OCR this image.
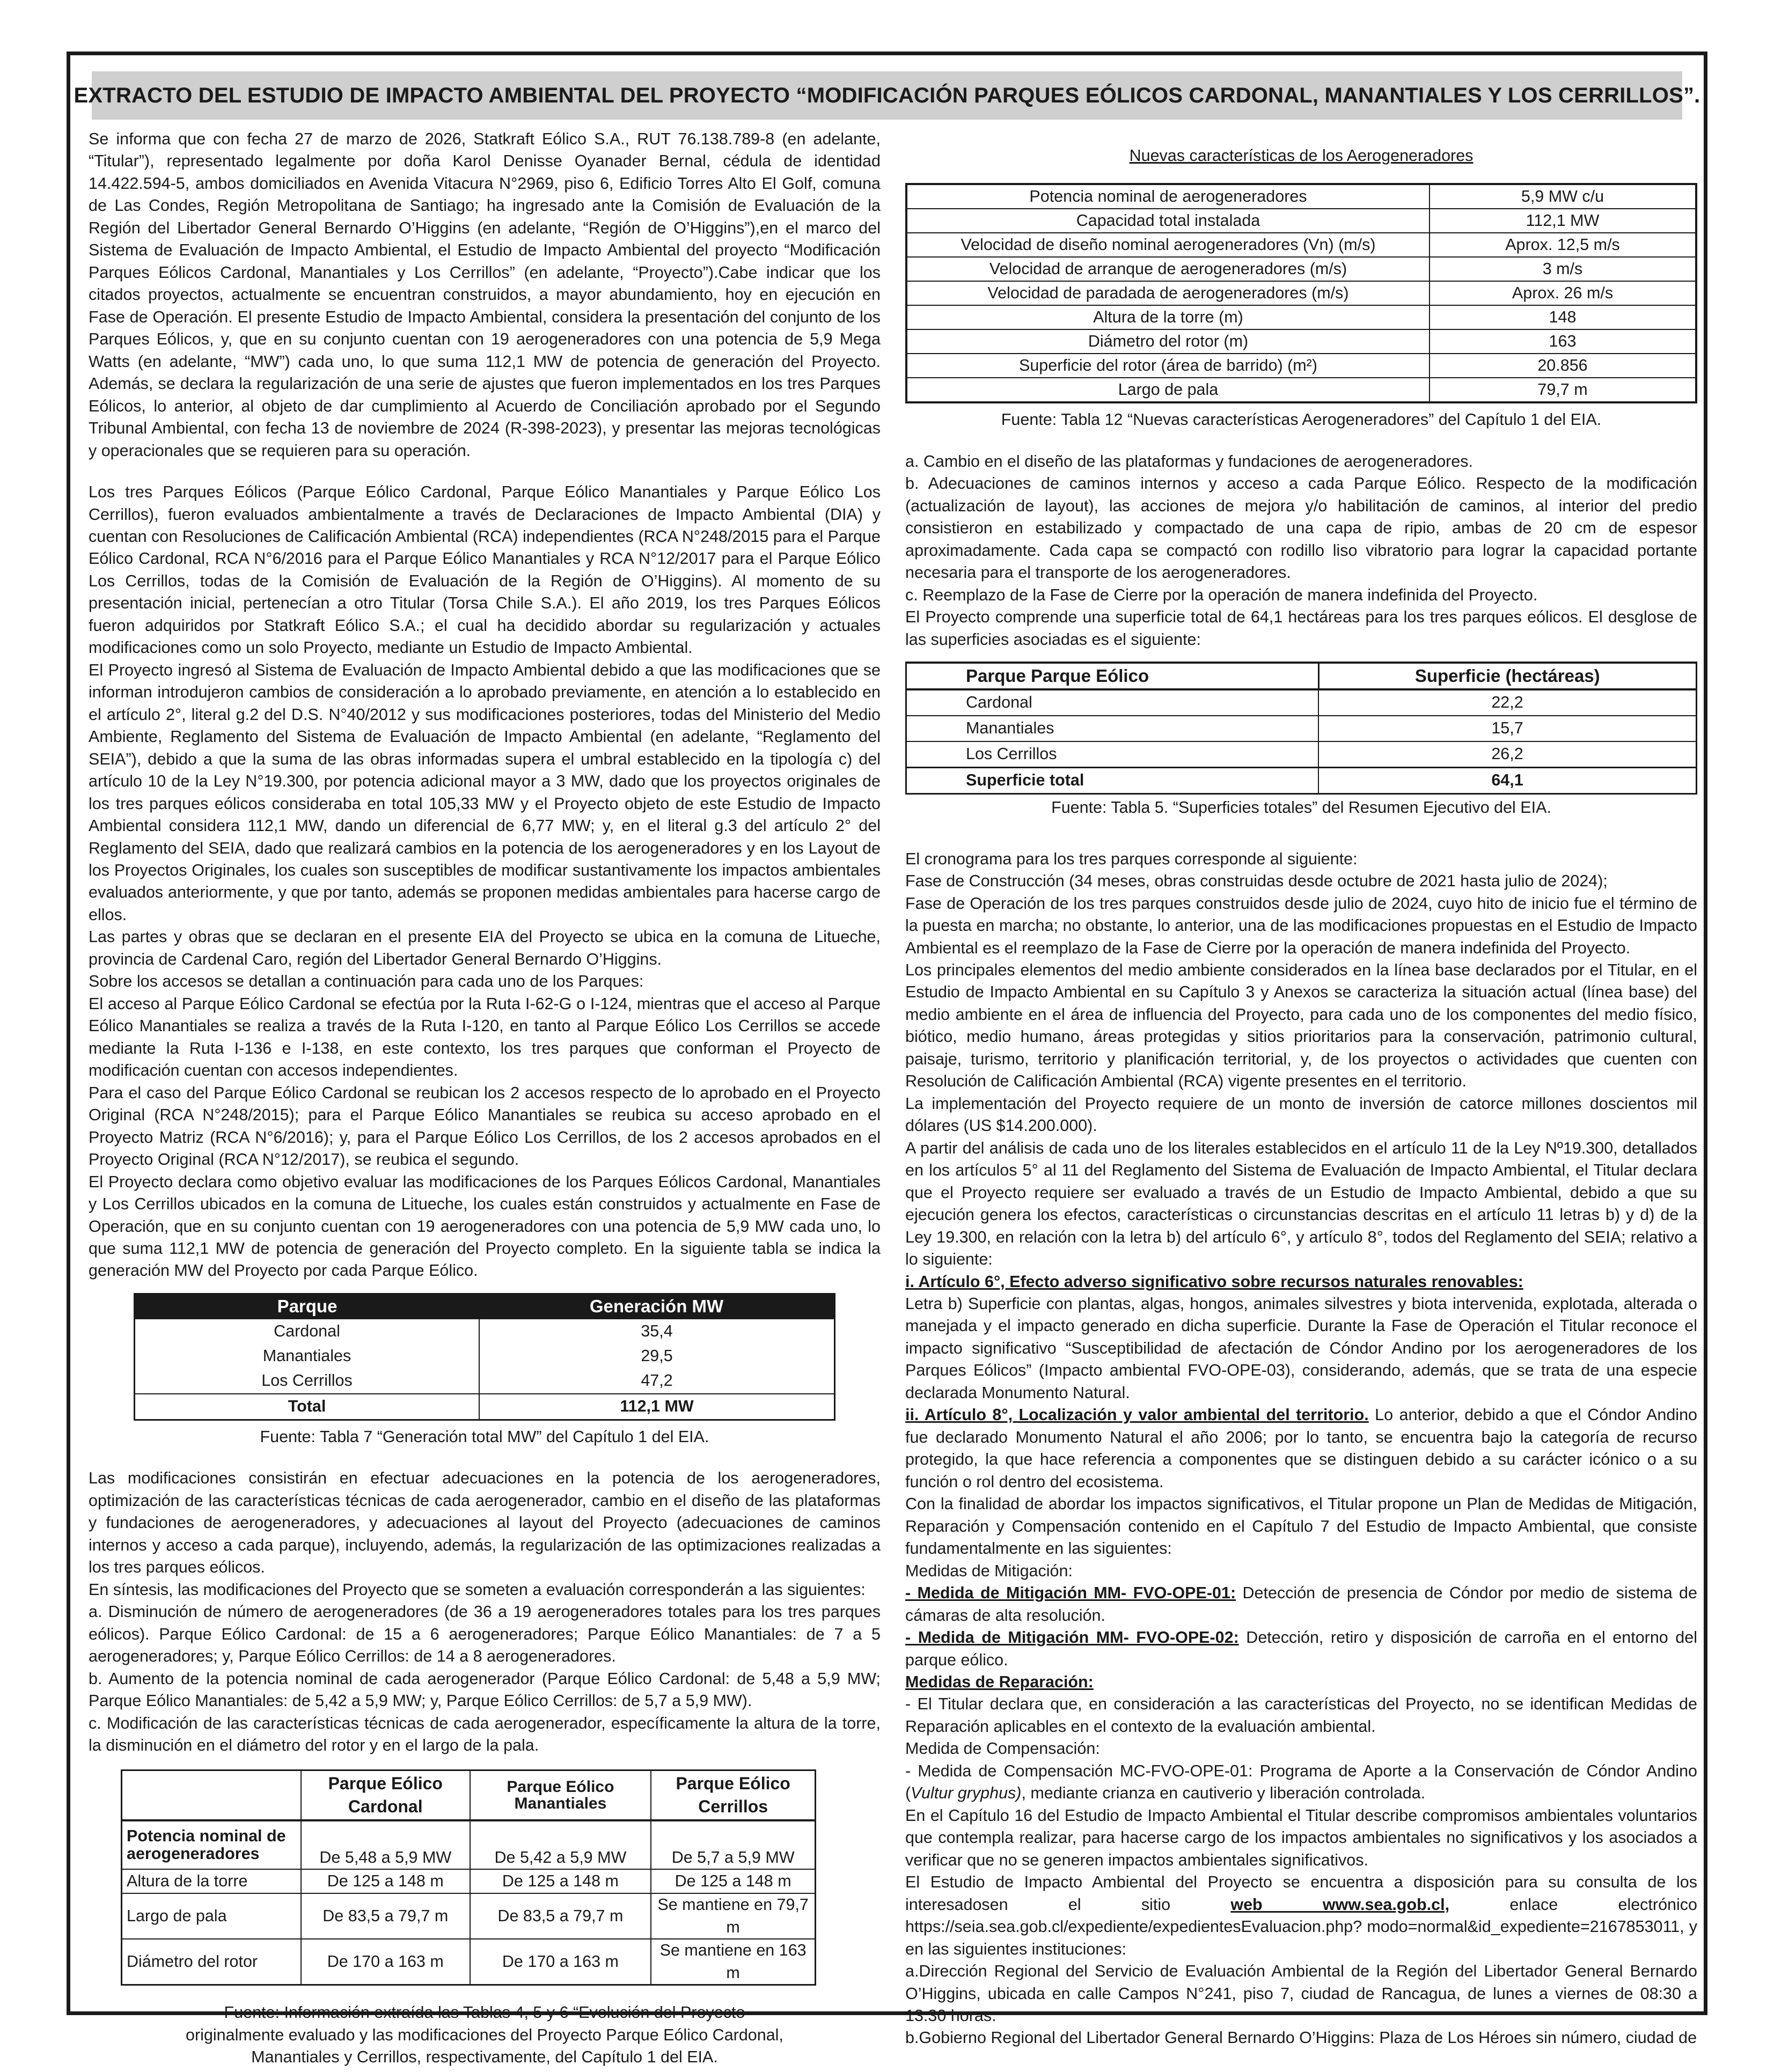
EXTRACTO DEL ESTUDIO DE IMPACTO AMBIENTAL DEL PROYECTO “MODIFICACIÓN PARQUES EÓLICOS CARDONAL, MANANTIALES Y LOS CERRILLOS”.

Se informa que con fecha 27 de marzo de 2026, Statkraft Eólico S.A., RUT 76.138.789-8 (en adelante, “Titular”), representado legalmente por doña Karol Denisse Oyanader Bernal, cédula de identidad 14.422.594-5, ambos domiciliados en Avenida Vitacura N°2969, piso 6, Edificio Torres Alto El Golf, comuna de Las Condes, Región Metropolitana de Santiago; ha ingresado ante la Comisión de Evaluación de la Región del Libertador General Bernardo O’Higgins (en adelante, “Región de O’Higgins”),en el marco del Sistema de Evaluación de Impacto Ambiental, el Estudio de Impacto Ambiental del proyecto “Modificación Parques Eólicos Cardonal, Manantiales y Los Cerrillos” (en adelante, “Proyecto”).Cabe indicar que los citados proyectos, actualmente se encuentran construidos, a mayor abundamiento, hoy en ejecución en Fase de Operación. El presente Estudio de Impacto Ambiental, considera la presentación del conjunto de los Parques Eólicos, y, que en su conjunto cuentan con 19 aerogeneradores con una potencia de 5,9 Mega Watts (en adelante, “MW”) cada uno, lo que suma 112,1 MW de potencia de generación del Proyecto. Además, se declara la regularización de una serie de ajustes que fueron implementados en los tres Parques Eólicos, lo anterior, al objeto de dar cumplimiento al Acuerdo de Conciliación aprobado por el Segundo Tribunal Ambiental, con fecha 13 de noviembre de 2024 (R-398-2023), y presentar las mejoras tecnológicas y operacionales que se requieren para su operación.

Los tres Parques Eólicos (Parque Eólico Cardonal, Parque Eólico Manantiales y Parque Eólico Los Cerrillos), fueron evaluados ambientalmente a través de Declaraciones de Impacto Ambiental (DIA) y cuentan con Resoluciones de Calificación Ambiental (RCA) independientes (RCA N°248/2015 para el Parque Eólico Cardonal, RCA N°6/2016 para el Parque Eólico Manantiales y RCA N°12/2017 para el Parque Eólico Los Cerrillos, todas de la Comisión de Evaluación de la Región de O’Higgins). Al momento de su presentación inicial, pertenecían a otro Titular (Torsa Chile S.A.). El año 2019, los tres Parques Eólicos fueron adquiridos por Statkraft Eólico S.A.; el cual ha decidido abordar su regularización y actuales modificaciones como un solo Proyecto, mediante un Estudio de Impacto Ambiental.

El Proyecto ingresó al Sistema de Evaluación de Impacto Ambiental debido a que las modificaciones que se informan introdujeron cambios de consideración a lo aprobado previamente, en atención a lo establecido en el artículo 2°, literal g.2 del D.S. N°40/2012 y sus modificaciones posteriores, todas del Ministerio del Medio Ambiente, Reglamento del Sistema de Evaluación de Impacto Ambiental (en adelante, “Reglamento del SEIA”), debido a que la suma de las obras informadas supera el umbral establecido en la tipología c) del artículo 10 de la Ley N°19.300, por potencia adicional mayor a 3 MW, dado que los proyectos originales de los tres parques eólicos consideraba en total 105,33 MW y el Proyecto objeto de este Estudio de Impacto Ambiental considera 112,1 MW, dando un diferencial de 6,77 MW; y, en el literal g.3 del artículo 2° del Reglamento del SEIA, dado que realizará cambios en la potencia de los aerogeneradores y en los Layout de los Proyectos Originales, los cuales son susceptibles de modificar sustantivamente los impactos ambientales evaluados anteriormente, y que por tanto, además se proponen medidas ambientales para hacerse cargo de ellos.

Las partes y obras que se declaran en el presente EIA del Proyecto se ubica en la comuna de Litueche, provincia de Cardenal Caro, región del Libertador General Bernardo O’Higgins.

Sobre los accesos se detallan a continuación para cada uno de los Parques:

El acceso al Parque Eólico Cardonal se efectúa por la Ruta I-62-G o I-124, mientras que el acceso al Parque Eólico Manantiales se realiza a través de la Ruta I-120, en tanto al Parque Eólico Los Cerrillos se accede mediante la Ruta I-136 e I-138, en este contexto, los tres parques que conforman el Proyecto de modificación cuentan con accesos independientes.

Para el caso del Parque Eólico Cardonal se reubican los 2 accesos respecto de lo aprobado en el Proyecto Original (RCA N°248/2015); para el Parque Eólico Manantiales se reubica su acceso aprobado en el Proyecto Matriz (RCA N°6/2016); y, para el Parque Eólico Los Cerrillos, de los 2 accesos aprobados en el Proyecto Original (RCA N°12/2017), se reubica el segundo.

El Proyecto declara como objetivo evaluar las modificaciones de los Parques Eólicos Cardonal, Manantiales y Los Cerrillos ubicados en la comuna de Litueche, los cuales están construidos y actualmente en Fase de Operación, que en su conjunto cuentan con 19 aerogeneradores con una potencia de 5,9 MW cada uno, lo que suma 112,1 MW de potencia de generación del Proyecto completo. En la siguiente tabla se indica la generación MW del Proyecto por cada Parque Eólico.

Parque	Generación MW
Cardonal	35,4
Manantiales	29,5
Los Cerrillos	47,2
Total	112,1 MW

Fuente: Tabla 7 “Generación total MW” del Capítulo 1 del EIA.

Las modificaciones consistirán en efectuar adecuaciones en la potencia de los aerogeneradores, optimización de las características técnicas de cada aerogenerador, cambio en el diseño de las plataformas y fundaciones de aerogeneradores, y adecuaciones al layout del Proyecto (adecuaciones de caminos internos y acceso a cada parque), incluyendo, además, la regularización de las optimizaciones realizadas a los tres parques eólicos.

En síntesis, las modificaciones del Proyecto que se someten a evaluación corresponderán a las siguientes:

a. Disminución de número de aerogeneradores (de 36 a 19 aerogeneradores totales para los tres parques eólicos). Parque Eólico Cardonal: de 15 a 6 aerogeneradores; Parque Eólico Manantiales: de 7 a 5 aerogeneradores; y, Parque Eólico Cerrillos: de 14 a 8 aerogeneradores.

b. Aumento de la potencia nominal de cada aerogenerador (Parque Eólico Cardonal: de 5,48 a 5,9 MW; Parque Eólico Manantiales: de 5,42 a 5,9 MW; y, Parque Eólico Cerrillos: de 5,7 a 5,9 MW).

c. Modificación de las características técnicas de cada aerogenerador, específicamente la altura de la torre, la disminución en el diámetro del rotor y en el largo de la pala.

	Parque Eólico Cardonal	Parque Eólico Manantiales	Parque Eólico Cerrillos
Potencia nominal de aerogeneradores	De 5,48 a 5,9 MW	De 5,42 a 5,9 MW	De 5,7 a 5,9 MW
Altura de la torre	De 125 a 148 m	De 125 a 148 m	De 125 a 148 m
Largo de pala	De 83,5 a 79,7 m	De 83,5 a 79,7 m	Se mantiene en 79,7 m
Diámetro del rotor	De 170 a 163 m	De 170 a 163 m	Se mantiene en 163 m

Fuente: Información extraída las Tablas 4, 5 y 6 “Evolución del Proyecto
originalmente evaluado y las modificaciones del Proyecto Parque Eólico Cardonal,
Manantiales y Cerrillos, respectivamente, del Capítulo 1 del EIA.

Nuevas características de los Aerogeneradores

Potencia nominal de aerogeneradores	5,9 MW c/u
Capacidad total instalada	112,1 MW
Velocidad de diseño nominal aerogeneradores (Vn) (m/s)	Aprox. 12,5 m/s
Velocidad de arranque de aerogeneradores (m/s)	3 m/s
Velocidad de paradada de aerogeneradores (m/s)	Aprox. 26 m/s
Altura de la torre (m)	148
Diámetro del rotor (m)	163
Superficie del rotor (área de barrido) (m²)	20.856
Largo de pala	79,7 m

Fuente: Tabla 12 “Nuevas características Aerogeneradores” del Capítulo 1 del EIA.

a. Cambio en el diseño de las plataformas y fundaciones de aerogeneradores.

b. Adecuaciones de caminos internos y acceso a cada Parque Eólico. Respecto de la modificación (actualización de layout), las acciones de mejora y/o habilitación de caminos, al interior del predio consistieron en estabilizado y compactado de una capa de ripio, ambas de 20 cm de espesor aproximadamente. Cada capa se compactó con rodillo liso vibratorio para lograr la capacidad portante necesaria para el transporte de los aerogeneradores.

c. Reemplazo de la Fase de Cierre por la operación de manera indefinida del Proyecto.

El Proyecto comprende una superficie total de 64,1 hectáreas para los tres parques eólicos. El desglose de las superficies asociadas es el siguiente:

Parque Parque Eólico	Superficie (hectáreas)
Cardonal	22,2
Manantiales	15,7
Los Cerrillos	26,2
Superficie total	64,1

Fuente: Tabla 5. “Superficies totales” del Resumen Ejecutivo del EIA.

El cronograma para los tres parques corresponde al siguiente:

Fase de Construcción (34 meses, obras construidas desde octubre de 2021 hasta julio de 2024);

Fase de Operación de los tres parques construidos desde julio de 2024, cuyo hito de inicio fue el término de la puesta en marcha; no obstante, lo anterior, una de las modificaciones propuestas en el Estudio de Impacto Ambiental es el reemplazo de la Fase de Cierre por la operación de manera indefinida del Proyecto.

Los principales elementos del medio ambiente considerados en la línea base declarados por el Titular, en el Estudio de Impacto Ambiental en su Capítulo 3 y Anexos se caracteriza la situación actual (línea base) del medio ambiente en el área de influencia del Proyecto, para cada uno de los componentes del medio físico, biótico, medio humano, áreas protegidas y sitios prioritarios para la conservación, patrimonio cultural, paisaje, turismo, territorio y planificación territorial, y, de los proyectos o actividades que cuenten con Resolución de Calificación Ambiental (RCA) vigente presentes en el territorio.

La implementación del Proyecto requiere de un monto de inversión de catorce millones doscientos mil dólares (US $14.200.000).

A partir del análisis de cada uno de los literales establecidos en el artículo 11 de la Ley Nº19.300, detallados en los artículos 5° al 11 del Reglamento del Sistema de Evaluación de Impacto Ambiental, el Titular declara que el Proyecto requiere ser evaluado a través de un Estudio de Impacto Ambiental, debido a que su ejecución genera los efectos, características o circunstancias descritas en el artículo 11 letras b) y d) de la Ley 19.300, en relación con la letra b) del artículo 6°, y artículo 8°, todos del Reglamento del SEIA; relativo a lo siguiente:

i. Artículo 6°, Efecto adverso significativo sobre recursos naturales renovables:

Letra b) Superficie con plantas, algas, hongos, animales silvestres y biota intervenida, explotada, alterada o manejada y el impacto generado en dicha superficie. Durante la Fase de Operación el Titular reconoce el impacto significativo “Susceptibilidad de afectación de Cóndor Andino por los aerogeneradores de los Parques Eólicos” (Impacto ambiental FVO-OPE-03), considerando, además, que se trata de una especie declarada Monumento Natural.

ii. Artículo 8°, Localización y valor ambiental del territorio. Lo anterior, debido a que el Cóndor Andino fue declarado Monumento Natural el año 2006; por lo tanto, se encuentra bajo la categoría de recurso protegido, la que hace referencia a componentes que se distinguen debido a su carácter icónico o a su función o rol dentro del ecosistema.

Con la finalidad de abordar los impactos significativos, el Titular propone un Plan de Medidas de Mitigación, Reparación y Compensación contenido en el Capítulo 7 del Estudio de Impacto Ambiental, que consiste fundamentalmente en las siguientes:

Medidas de Mitigación:

- Medida de Mitigación MM- FVO-OPE-01: Detección de presencia de Cóndor por medio de sistema de cámaras de alta resolución.

- Medida de Mitigación MM- FVO-OPE-02: Detección, retiro y disposición de carroña en el entorno del parque eólico.

Medidas de Reparación:

- El Titular declara que, en consideración a las características del Proyecto, no se identifican Medidas de Reparación aplicables en el contexto de la evaluación ambiental.

Medida de Compensación:

- Medida de Compensación MC-FVO-OPE-01: Programa de Aporte a la Conservación de Cóndor Andino (Vultur gryphus), mediante crianza en cautiverio y liberación controlada.

En el Capítulo 16 del Estudio de Impacto Ambiental el Titular describe compromisos ambientales voluntarios que contempla realizar, para hacerse cargo de los impactos ambientales no significativos y los asociados a verificar que no se generen impactos ambientales significativos.

El Estudio de Impacto Ambiental del Proyecto se encuentra a disposición para su consulta de los interesadosen el sitio web www.sea.gob.cl, enlace electrónico https://seia.sea.gob.cl/expediente/expedientesEvaluacion.php? modo=normal&id_expediente=2167853011, y en las siguientes instituciones:

a.Dirección Regional del Servicio de Evaluación Ambiental de la Región del Libertador General Bernardo O’Higgins, ubicada en calle Campos N°241, piso 7, ciudad de Rancagua, de lunes a viernes de 08:30 a 13:30 horas.

b.Gobierno Regional del Libertador General Bernardo O’Higgins: Plaza de Los Héroes sin número, ciudad de
